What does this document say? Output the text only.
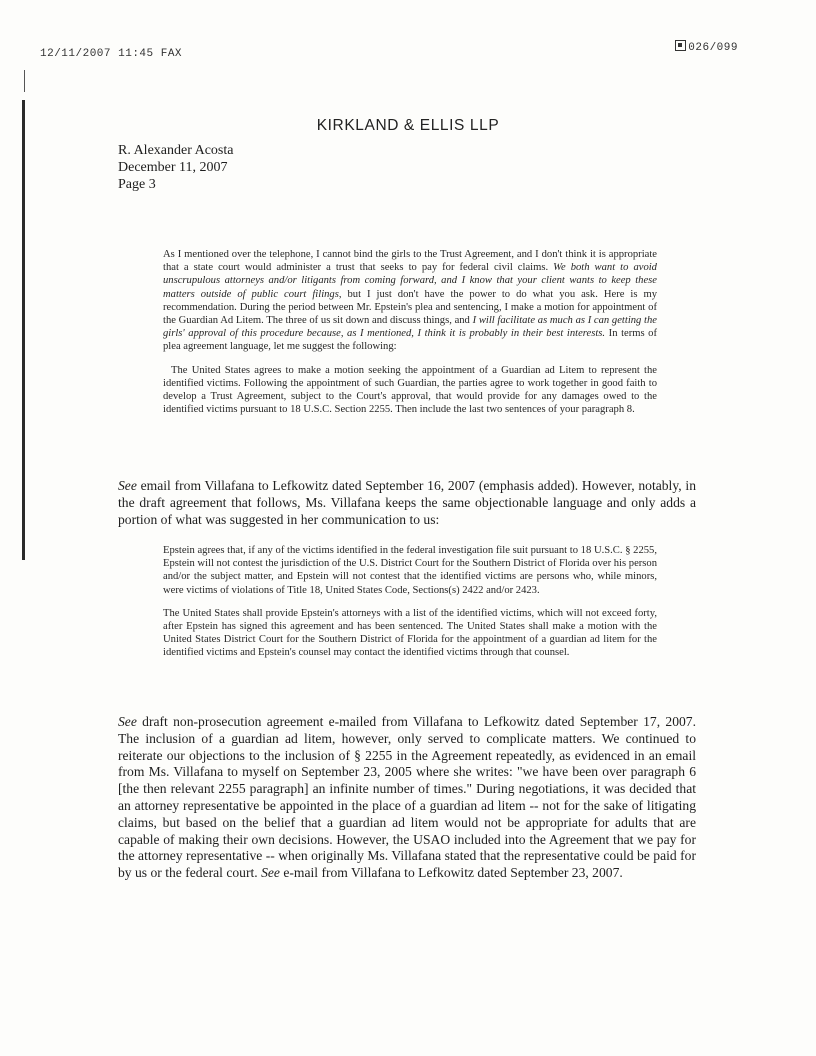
12/11/2007 11:45 FAX	026/099
KIRKLAND & ELLIS LLP
R. Alexander Acosta
December 11, 2007
Page 3

As I mentioned over the telephone, I cannot bind the girls to the Trust Agreement, and I don't think it is appropriate that a state court would administer a trust that seeks to pay for federal civil claims. We both want to avoid unscrupulous attorneys and/or litigants from coming forward, and I know that your client wants to keep these matters outside of public court filings, but I just don't have the power to do what you ask. Here is my recommendation. During the period between Mr. Epstein's plea and sentencing, I make a motion for appointment of the Guardian Ad Litem. The three of us sit down and discuss things, and I will facilitate as much as I can getting the girls' approval of this procedure because, as I mentioned, I think it is probably in their best interests. In terms of plea agreement language, let me suggest the following:

The United States agrees to make a motion seeking the appointment of a Guardian ad Litem to represent the identified victims. Following the appointment of such Guardian, the parties agree to work together in good faith to develop a Trust Agreement, subject to the Court's approval, that would provide for any damages owed to the identified victims pursuant to 18 U.S.C. Section 2255. Then include the last two sentences of your paragraph 8.

See email from Villafana to Lefkowitz dated September 16, 2007 (emphasis added). However, notably, in the draft agreement that follows, Ms. Villafana keeps the same objectionable language and only adds a portion of what was suggested in her communication to us:

Epstein agrees that, if any of the victims identified in the federal investigation file suit pursuant to 18 U.S.C. § 2255, Epstein will not contest the jurisdiction of the U.S. District Court for the Southern District of Florida over his person and/or the subject matter, and Epstein will not contest that the identified victims are persons who, while minors, were victims of violations of Title 18, United States Code, Sections(s) 2422 and/or 2423.

The United States shall provide Epstein's attorneys with a list of the identified victims, which will not exceed forty, after Epstein has signed this agreement and has been sentenced. The United States shall make a motion with the United States District Court for the Southern District of Florida for the appointment of a guardian ad litem for the identified victims and Epstein's counsel may contact the identified victims through that counsel.

See draft non-prosecution agreement e-mailed from Villafana to Lefkowitz dated September 17, 2007. The inclusion of a guardian ad litem, however, only served to complicate matters. We continued to reiterate our objections to the inclusion of § 2255 in the Agreement repeatedly, as evidenced in an email from Ms. Villafana to myself on September 23, 2005 where she writes: "we have been over paragraph 6 [the then relevant 2255 paragraph] an infinite number of times." During negotiations, it was decided that an attorney representative be appointed in the place of a guardian ad litem -- not for the sake of litigating claims, but based on the belief that a guardian ad litem would not be appropriate for adults that are capable of making their own decisions. However, the USAO included into the Agreement that we pay for the attorney representative -- when originally Ms. Villafana stated that the representative could be paid for by us or the federal court. See e-mail from Villafana to Lefkowitz dated September 23, 2007.
